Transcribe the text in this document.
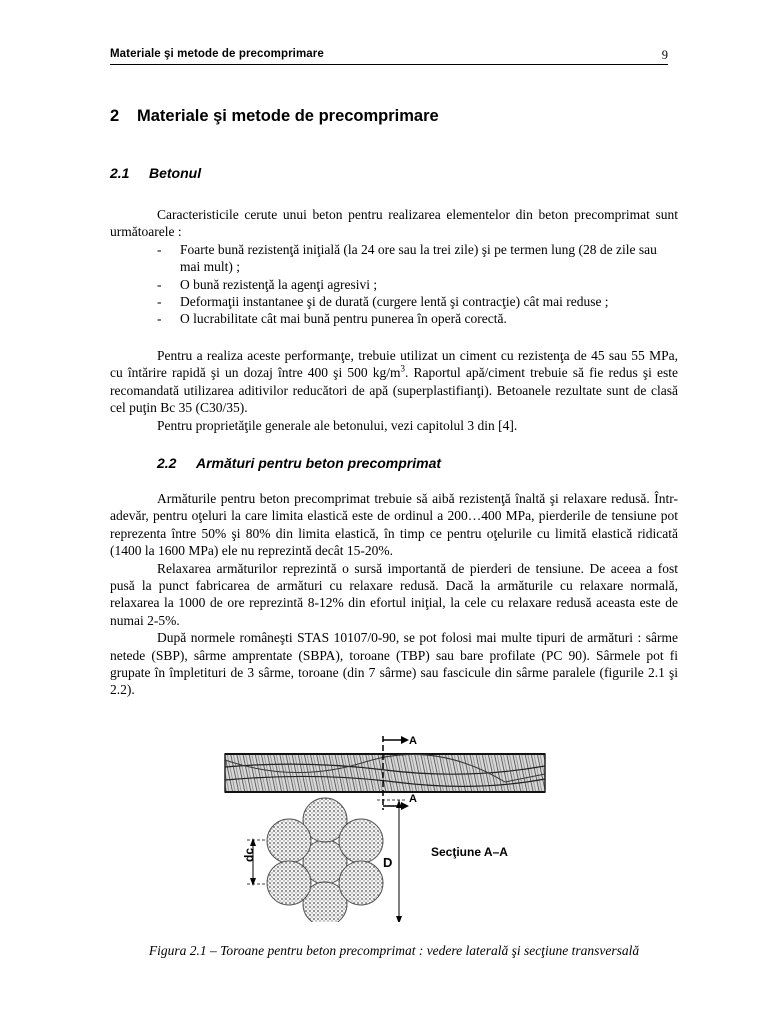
Materiale şi metode de precomprimare	9
2 Materiale şi metode de precomprimare
2.1 Betonul

Caracteristicile cerute unui beton pentru realizarea elementelor din beton precomprimat sunt următoarele :

- Foarte bună rezistenţă iniţială (la 24 ore sau la trei zile) şi pe termen lung (28 de zile sau mai mult) ;
- O bună rezistenţă la agenţi agresivi ;
- Deformaţii instantanee şi de durată (curgere lentă şi contracţie) cât mai reduse ;
- O lucrabilitate cât mai bună pentru punerea în operă corectă.

Pentru a realiza aceste performanţe, trebuie utilizat un ciment cu rezistenţa de 45 sau 55 MPa, cu întărire rapidă şi un dozaj între 400 şi 500 $kg/m^3$. Raportul apă/ciment trebuie să fie redus şi este recomandată utilizarea aditivilor reducători de apă (superplastifianţi). Betoanele rezultate sunt de clasă cel puţin Bc 35 (C30/35).

Pentru proprietăţile generale ale betonului, vezi capitolul 3 din [4].

2.2 Armături pentru beton precomprimat

Armăturile pentru beton precomprimat trebuie să aibă rezistenţă înaltă şi relaxare redusă. Într-adevăr, pentru oţeluri la care limita elastică este de ordinul a 200…400 MPa, pierderile de tensiune pot reprezenta între 50% şi 80% din limita elastică, în timp ce pentru oţelurile cu limită elastică ridicată (1400 la 1600 MPa) ele nu reprezintă decât 15-20%.

Relaxarea armăturilor reprezintă o sursă importantă de pierderi de tensiune. De aceea a fost pusă la punct fabricarea de armături cu relaxare redusă. Dacă la armăturile cu relaxare normală, relaxarea la 1000 de ore reprezintă 8-12% din efortul iniţial, la cele cu relaxare redusă aceasta este de numai 2-5%.

După normele româneşti STAS 10107/0-90, se pot folosi mai multe tipuri de armături : sârme netede (SBP), sârme amprentate (SBPA), toroane (TBP) sau bare profilate (PC 90). Sârmele pot fi grupate în împletituri de 3 sârme, toroane (din 7 sârme) sau fascicule din sârme paralele (figurile 2.1 şi 2.2).

A
A
dc
D
Secţiune A–A
Figura 2.1 – Toroane pentru beton precomprimat : vedere laterală şi secţiune transversală
